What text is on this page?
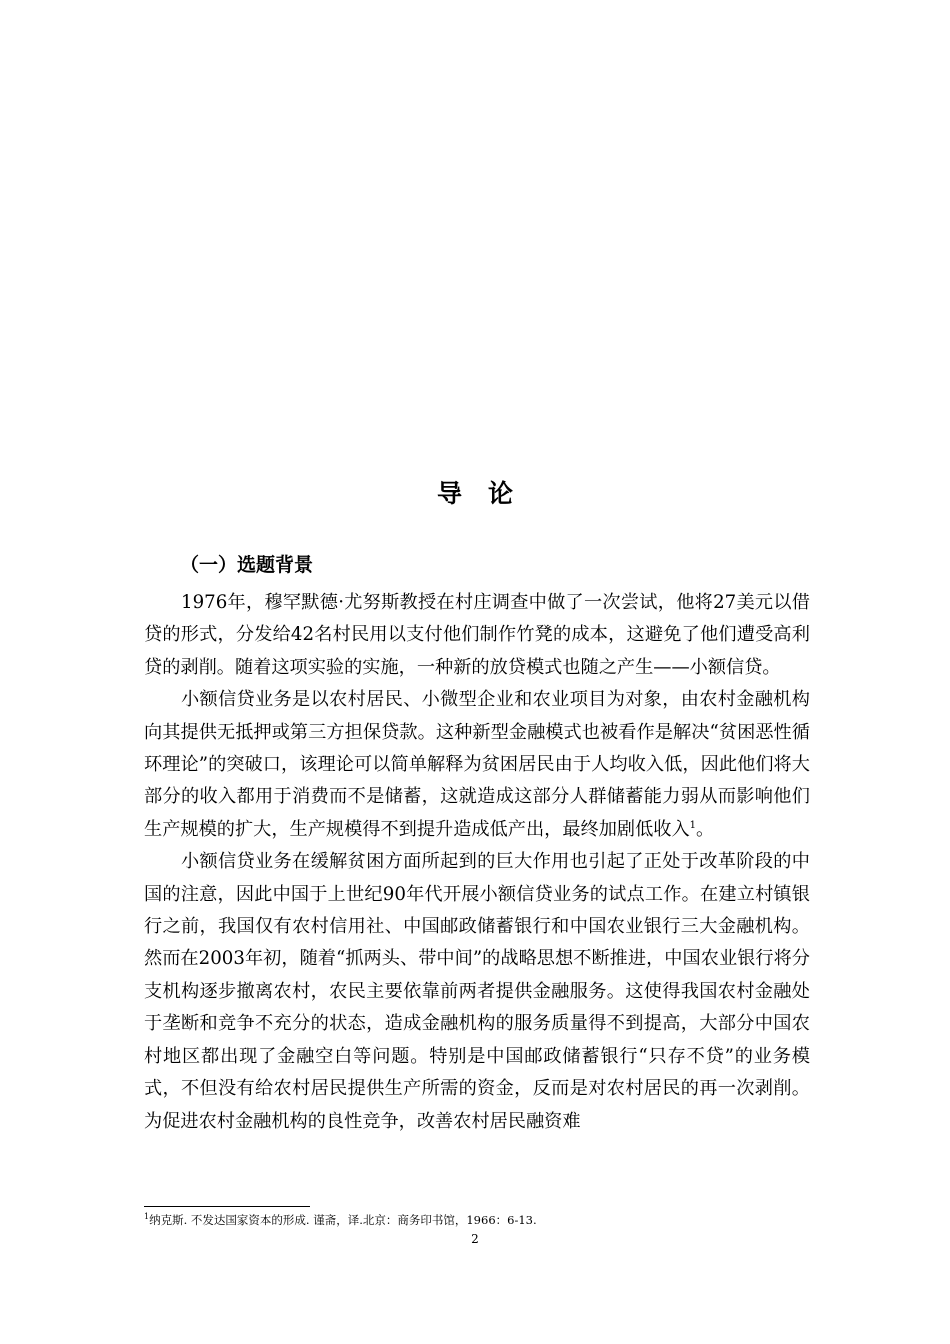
导论
（一）选题背景

1976年，穆罕默德·尤努斯教授在村庄调查中做了一次尝试，他将27美元以借贷的形式，分发给42名村民用以支付他们制作竹凳的成本，这避免了他们遭受高利贷的剥削。随着这项实验的实施，一种新的放贷模式也随之产生——小额信贷。

小额信贷业务是以农村居民、小微型企业和农业项目为对象，由农村金融机构向其提供无抵押或第三方担保贷款。这种新型金融模式也被看作是解决“贫困恶性循环理论”的突破口，该理论可以简单解释为贫困居民由于人均收入低，因此他们将大部分的收入都用于消费而不是储蓄，这就造成这部分人群储蓄能力弱从而影响他们生产规模的扩大，生产规模得不到提升造成低产出，最终加剧低收入$^1$。

小额信贷业务在缓解贫困方面所起到的巨大作用也引起了正处于改革阶段的中国的注意，因此中国于上世纪90年代开展小额信贷业务的试点工作。在建立村镇银行之前，我国仅有农村信用社、中国邮政储蓄银行和中国农业银行三大金融机构。然而在2003年初，随着“抓两头、带中间”的战略思想不断推进，中国农业银行将分支机构逐步撤离农村，农民主要依靠前两者提供金融服务。这使得我国农村金融处于垄断和竞争不充分的状态，造成金融机构的服务质量得不到提高，大部分中国农村地区都出现了金融空白等问题。特别是中国邮政储蓄银行“只存不贷”的业务模式，不但没有给农村居民提供生产所需的资金，反而是对农村居民的再一次剥削。为促进农村金融机构的良性竞争，改善农村居民融资难

$^1$纳克斯. 不发达国家资本的形成. 谨斋，译.北京：商务印书馆，1966：6-13.

2
